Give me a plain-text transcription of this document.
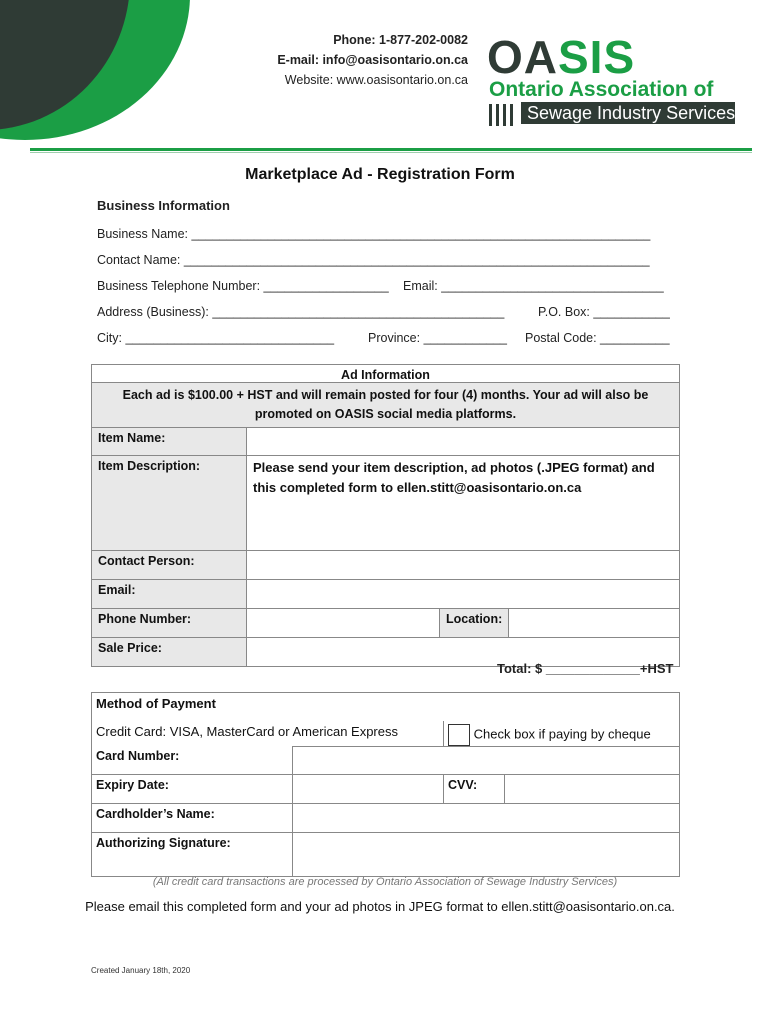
Phone: 1-877-202-0082
E-mail: info@oasisontario.on.ca
Website: www.oasisontario.on.ca OASIS
Ontario Association of
Sewage Industry Services.
Marketplace Ad - Registration Form
Business Information
Business Name: __________________________________________________________________
Contact Name: ___________________________________________________________________
Business Telephone Number: __________________ Email: ________________________________
Address (Business): __________________________________________	P.O. Box: ___________
City: ______________________________	Province: ____________ Postal Code: __________
Ad Information			
Each ad is $100.00 + HST and will remain posted for four (4) months. Your ad will also be promoted on OASIS social media platforms.			
Item Name:			
Item Description:	Please send your item description, ad photos (.JPEG format) and this completed form to ellen.stitt@oasisontario.on.ca		
Contact Person:			
Email:			
Phone Number:		Location:	
Sale Price:			
Total: $ _____________+HST
Method of Payment			
Credit Card: VISA, MasterCard or American Express		Check box if paying by cheque	
Card Number:			
Expiry Date:		CVV:	
Cardholder’s Name:			
Authorizing Signature:			
(All credit card transactions are processed by Ontario Association of Sewage Industry Services)
Please email this completed form and your ad photos in JPEG format to ellen.stitt@oasisontario.on.ca.
Created January 18th, 2020
